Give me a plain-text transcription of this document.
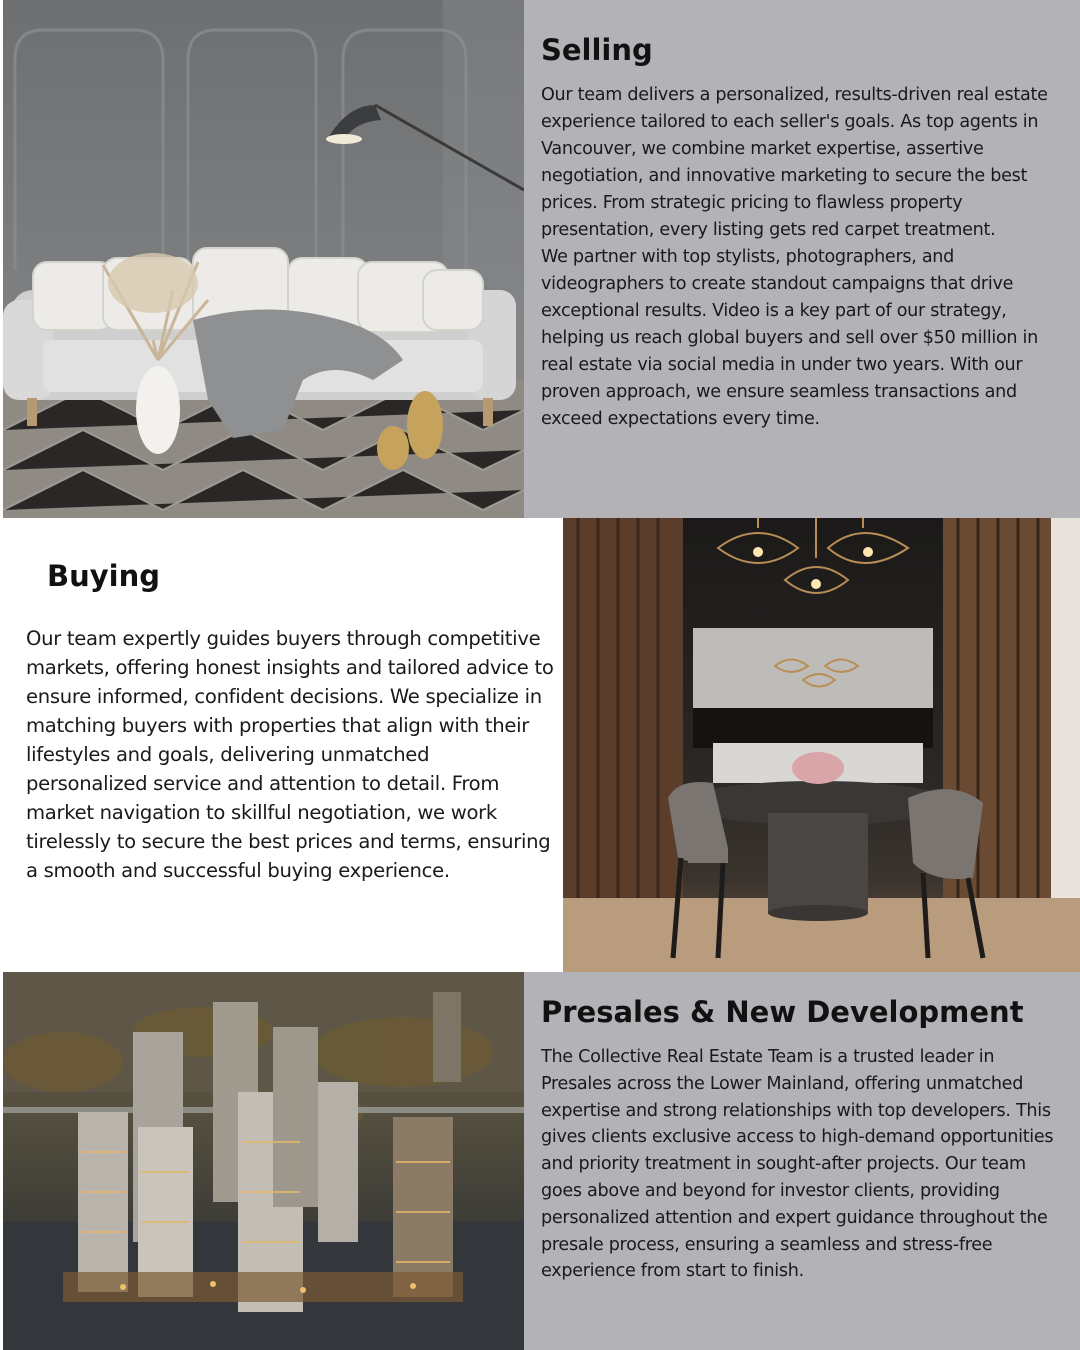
Selling

Our team delivers a personalized, results-driven real estate experience tailored to each seller's goals. As top agents in Vancouver, we combine market expertise, assertive negotiation, and innovative marketing to secure the best prices. From strategic pricing to flawless property presentation, every listing gets red carpet treatment.

We partner with top stylists, photographers, and videographers to create standout campaigns that drive exceptional results. Video is a key part of our strategy, helping us reach global buyers and sell over $50 million in real estate via social media in under two years. With our proven approach, we ensure seamless transactions and exceed expectations every time.

Buying

Our team expertly guides buyers through competitive markets, offering honest insights and tailored advice to ensure informed, confident decisions. We specialize in matching buyers with properties that align with their lifestyles and goals, delivering unmatched personalized service and attention to detail. From market navigation to skillful negotiation, we work tirelessly to secure the best prices and terms, ensuring a smooth and successful buying experience.

Presales & New Development

The Collective Real Estate Team is a trusted leader in Presales across the Lower Mainland, offering unmatched expertise and strong relationships with top developers. This gives clients exclusive access to high-demand opportunities and priority treatment in sought-after projects. Our team goes above and beyond for investor clients, providing personalized attention and expert guidance throughout the presale process, ensuring a seamless and stress-free experience from start to finish.
